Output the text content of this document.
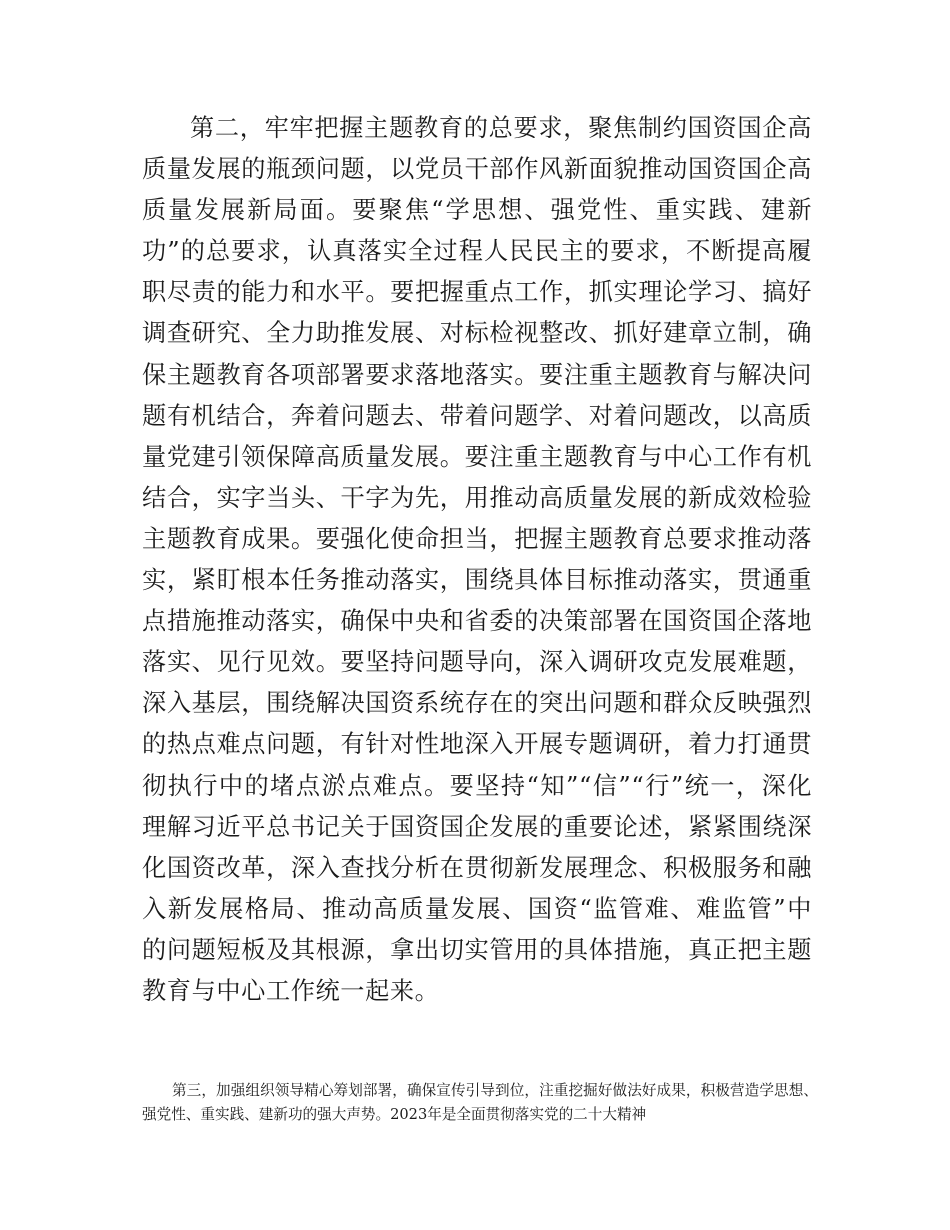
第二，牢牢把握主题教育的总要求，聚焦制约国资国企高质量发展的瓶颈问题，以党员干部作风新面貌推动国资国企高质量发展新局面。要聚焦“学思想、强党性、重实践、建新功”的总要求，认真落实全过程人民民主的要求，不断提高履职尽责的能力和水平。要把握重点工作，抓实理论学习、搞好调查研究、全力助推发展、对标检视整改、抓好建章立制，确保主题教育各项部署要求落地落实。要注重主题教育与解决问题有机结合，奔着问题去、带着问题学、对着问题改，以高质量党建引领保障高质量发展。要注重主题教育与中心工作有机结合，实字当头、干字为先，用推动高质量发展的新成效检验主题教育成果。要强化使命担当，把握主题教育总要求推动落实，紧盯根本任务推动落实，围绕具体目标推动落实，贯通重点措施推动落实，确保中央和省委的决策部署在国资国企落地落实、见行见效。要坚持问题导向，深入调研攻克发展难题，深入基层，围绕解决国资系统存在的突出问题和群众反映强烈的热点难点问题，有针对性地深入开展专题调研，着力打通贯彻执行中的堵点淤点难点。要坚持“知”“信”“行”统一，深化理解习近平总书记关于国资国企发展的重要论述，紧紧围绕深化国资改革，深入查找分析在贯彻新发展理念、积极服务和融入新发展格局、推动高质量发展、国资“监管难、难监管”中的问题短板及其根源，拿出切实管用的具体措施，真正把主题教育与中心工作统一起来。

第三，加强组织领导精心筹划部署，确保宣传引导到位，注重挖掘好做法好成果，积极营造学思想、强党性、重实践、建新功的强大声势。2023年是全面贯彻落实党的二十大精神
